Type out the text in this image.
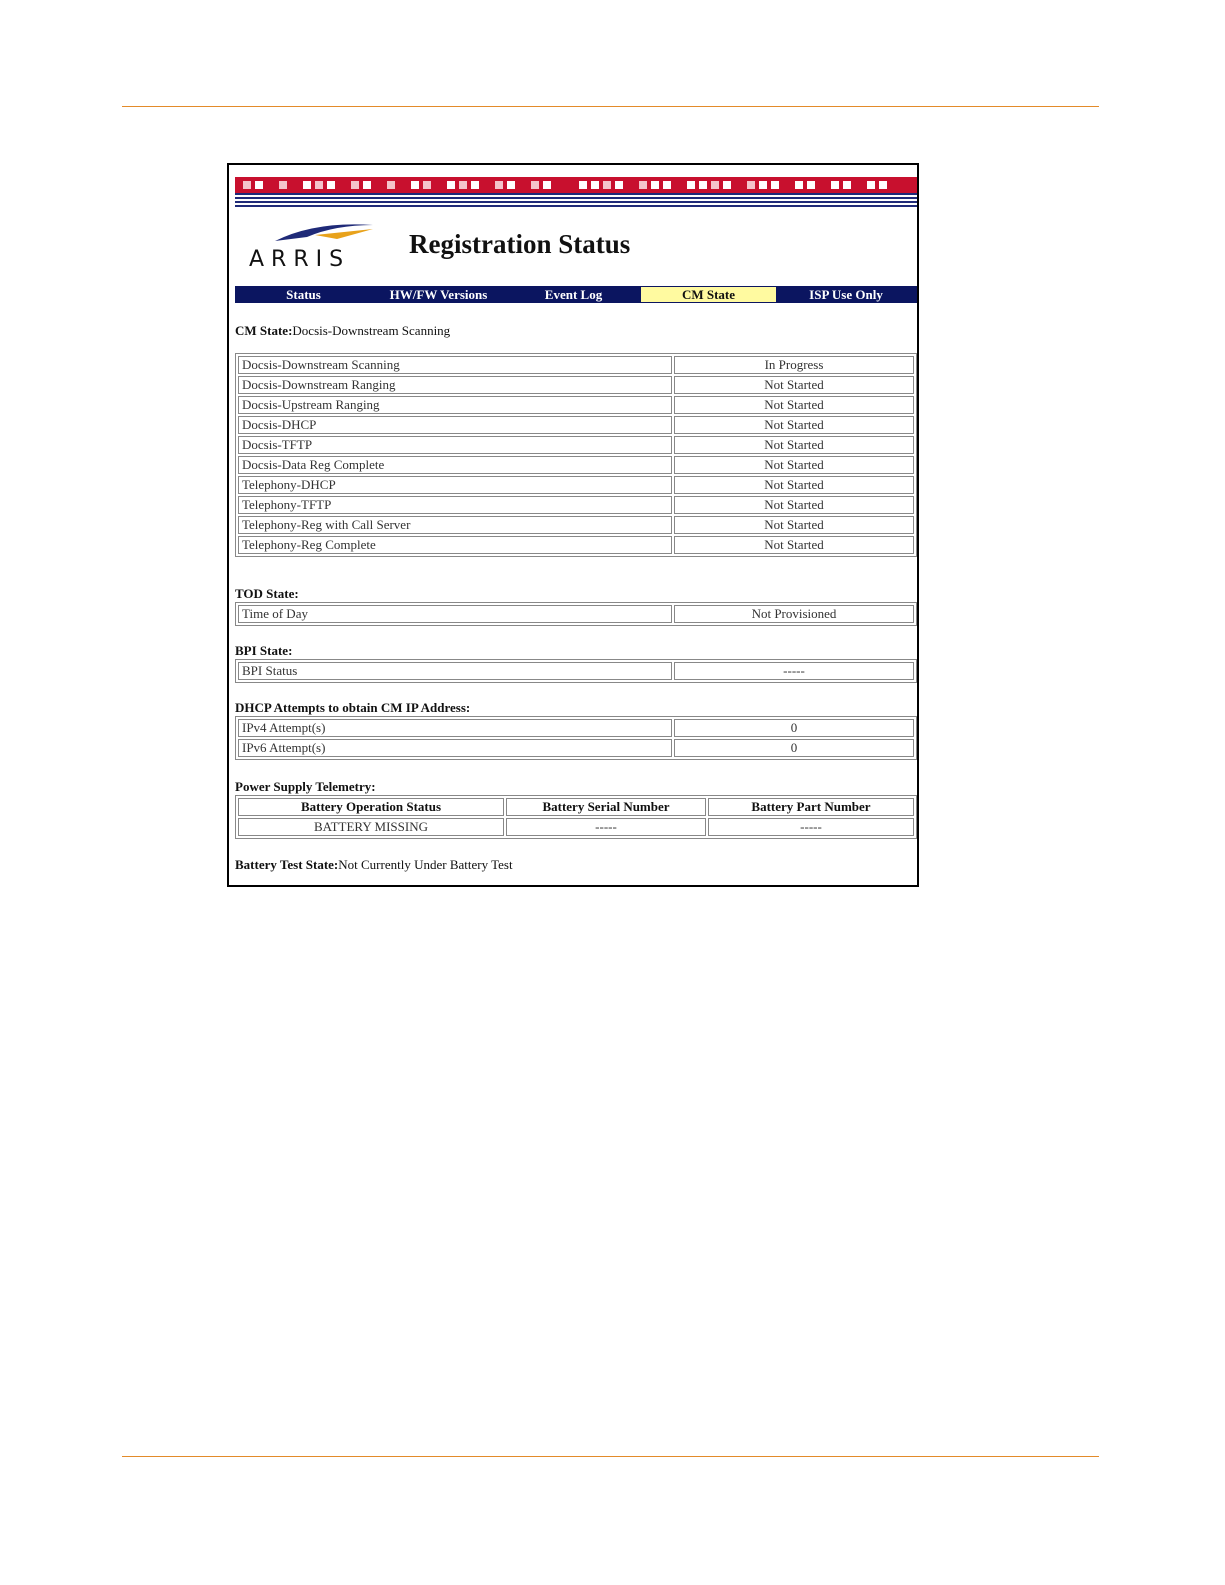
ARRIS
Registration Status
Status	HW/FW Versions	Event Log	CM State	ISP Use Only
CM State:Docsis-Downstream Scanning
Docsis-Downstream Scanning	In Progress
Docsis-Downstream Ranging	Not Started
Docsis-Upstream Ranging	Not Started
Docsis-DHCP	Not Started
Docsis-TFTP	Not Started
Docsis-Data Reg Complete	Not Started
Telephony-DHCP	Not Started
Telephony-TFTP	Not Started
Telephony-Reg with Call Server	Not Started
Telephony-Reg Complete	Not Started
TOD State:
Time of Day	Not Provisioned
BPI State:
BPI Status	-----
DHCP Attempts to obtain CM IP Address:
IPv4 Attempt(s)	0
IPv6 Attempt(s)	0
Power Supply Telemetry:
Battery Operation Status	Battery Serial Number	Battery Part Number
BATTERY MISSING	-----	-----
Battery Test State:Not Currently Under Battery Test
